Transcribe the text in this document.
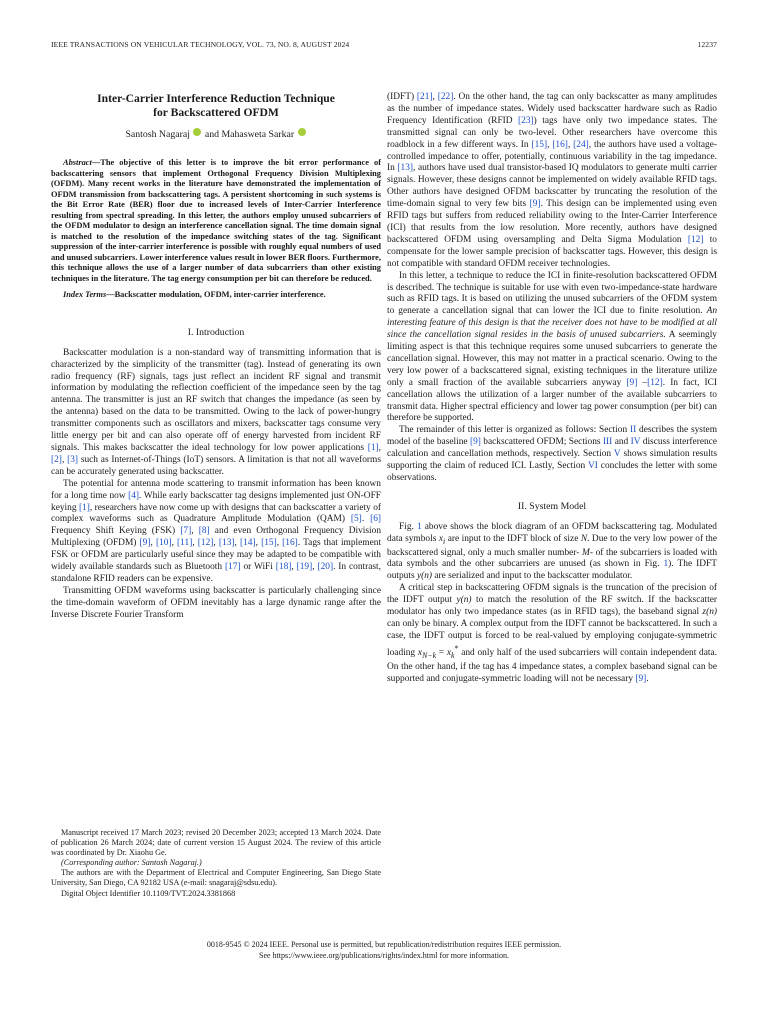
IEEE TRANSACTIONS ON VEHICULAR TECHNOLOGY, VOL. 73, NO. 8, AUGUST 2024	12237
Inter-Carrier Interference Reduction Technique
for Backscattered OFDM
Santosh Nagaraj and Mahasweta Sarkar
Abstract—The objective of this letter is to improve the bit error performance of backscattering sensors that implement Orthogonal Frequency Division Multiplexing (OFDM). Many recent works in the literature have demonstrated the implementation of OFDM transmission from backscattering tags. A persistent shortcoming in such systems is the Bit Error Rate (BER) floor due to increased levels of Inter-Carrier Interference resulting from spectral spreading. In this letter, the authors employ unused subcarriers of the OFDM modulator to design an interference cancellation signal. The time domain signal is matched to the resolution of the impedance switching states of the tag. Significant suppression of the inter-carrier interference is possible with roughly equal numbers of used and unused subcarriers. Lower interference values result in lower BER floors. Furthermore, this technique allows the use of a larger number of data subcarriers than other existing techniques in the literature. The tag energy consumption per bit can therefore be reduced.
Index Terms—Backscatter modulation, OFDM, inter-carrier interference.
I. Introduction

Backscatter modulation is a non-standard way of transmitting information that is characterized by the simplicity of the transmitter (tag). Instead of generating its own radio frequency (RF) signals, tags just reflect an incident RF signal and transmit information by modulating the reflection coefficient of the impedance seen by the tag antenna. The transmitter is just an RF switch that changes the impedance (as seen by the antenna) based on the data to be transmitted. Owing to the lack of power-hungry transmitter components such as oscillators and mixers, backscatter tags consume very little energy per bit and can also operate off of energy harvested from incident RF signals. This makes backscatter the ideal technology for low power applications [1], [2], [3] such as Internet-of-Things (IoT) sensors. A limitation is that not all waveforms can be accurately generated using backscatter.

The potential for antenna mode scattering to transmit information has been known for a long time now [4]. While early backscatter tag designs implemented just ON-OFF keying [1], researchers have now come up with designs that can backscatter a variety of complex waveforms such as Quadrature Amplitude Modulation (QAM) [5]. [6] Frequency Shift Keying (FSK) [7], [8] and even Orthogonal Frequency Division Multiplexing (OFDM) [9], [10], [11], [12], [13], [14], [15], [16]. Tags that implement FSK or OFDM are particularly useful since they may be adapted to be compatible with widely available standards such as Bluetooth [17] or WiFi [18], [19], [20]. In contrast, standalone RFID readers can be expensive.

Transmitting OFDM waveforms using backscatter is particularly challenging since the time-domain waveform of OFDM inevitably has a large dynamic range after the Inverse Discrete Fourier Transform

(IDFT) [21], [22]. On the other hand, the tag can only backscatter as many amplitudes as the number of impedance states. Widely used backscatter hardware such as Radio Frequency Identification (RFID [23]) tags have only two impedance states. The transmitted signal can only be two-level. Other researchers have overcome this roadblock in a few different ways. In [15], [16], [24], the authors have used a voltage-controlled impedance to offer, potentially, continuous variability in the tag impedance. In [13], authors have used dual transistor-based IQ modulators to generate multi carrier signals. However, these designs cannot be implemented on widely available RFID tags. Other authors have designed OFDM backscatter by truncating the resolution of the time-domain signal to very few bits [9]. This design can be implemented using even RFID tags but suffers from reduced reliability owing to the Inter-Carrier Interference (ICI) that results from the low resolution. More recently, authors have designed backscattered OFDM using oversampling and Delta Sigma Modulation [12] to compensate for the lower sample precision of backscatter tags. However, this design is not compatible with standard OFDM receiver technologies.

In this letter, a technique to reduce the ICI in finite-resolution backscattered OFDM is described. The technique is suitable for use with even two-impedance-state hardware such as RFID tags. It is based on utilizing the unused subcarriers of the OFDM system to generate a cancellation signal that can lower the ICI due to finite resolution. An interesting feature of this design is that the receiver does not have to be modified at all since the cancellation signal resides in the basis of unused subcarriers. A seemingly limiting aspect is that this technique requires some unused subcarriers to generate the cancellation signal. However, this may not matter in a practical scenario. Owing to the very low power of a backscattered signal, existing techniques in the literature utilize only a small fraction of the available subcarriers anyway [9] –[12]. In fact, ICI cancellation allows the utilization of a larger number of the available subcarriers to transmit data. Higher spectral efficiency and lower tag power consumption (per bit) can therefore be supported.

The remainder of this letter is organized as follows: Section II describes the system model of the baseline [9] backscattered OFDM; Sections III and IV discuss interference calculation and cancellation methods, respectively. Section V shows simulation results supporting the claim of reduced ICI. Lastly, Section VI concludes the letter with some observations.

II. System Model

Fig. 1 above shows the block diagram of an OFDM backscattering tag. Modulated data symbols $x_i$ are input to the IDFT block of size N. Due to the very low power of the backscattered signal, only a much smaller number- M- of the subcarriers is loaded with data symbols and the other subcarriers are unused (as shown in Fig. 1). The IDFT outputs y(n) are serialized and input to the backscatter modulator.

A critical step in backscattering OFDM signals is the truncation of the precision of the IDFT output y(n) to match the resolution of the RF switch. If the backscatter modulator has only two impedance states (as in RFID tags), the baseband signal z(n) can only be binary. A complex output from the IDFT cannot be backscattered. In such a case, the IDFT output is forced to be real-valued by employing conjugate-symmetric loading $x_{N-k} = x_k^*$ and only half of the used subcarriers will contain independent data. On the other hand, if the tag has 4 impedance states, a complex baseband signal can be supported and conjugate-symmetric loading will not be necessary [9].

Manuscript received 17 March 2023; revised 20 December 2023; accepted 13 March 2024. Date of publication 26 March 2024; date of current version 15 August 2024. The review of this article was coordinated by Dr. Xiaohu Ge.

(Corresponding author: Santosh Nagaraj.)

The authors are with the Department of Electrical and Computer Engineering, San Diego State University, San Diego, CA 92182 USA (e-mail: snagaraj@sdsu.edu).

Digital Object Identifier 10.1109/TVT.2024.3381868

0018-9545 © 2024 IEEE. Personal use is permitted, but republication/redistribution requires IEEE permission.
See https://www.ieee.org/publications/rights/index.html for more information.
